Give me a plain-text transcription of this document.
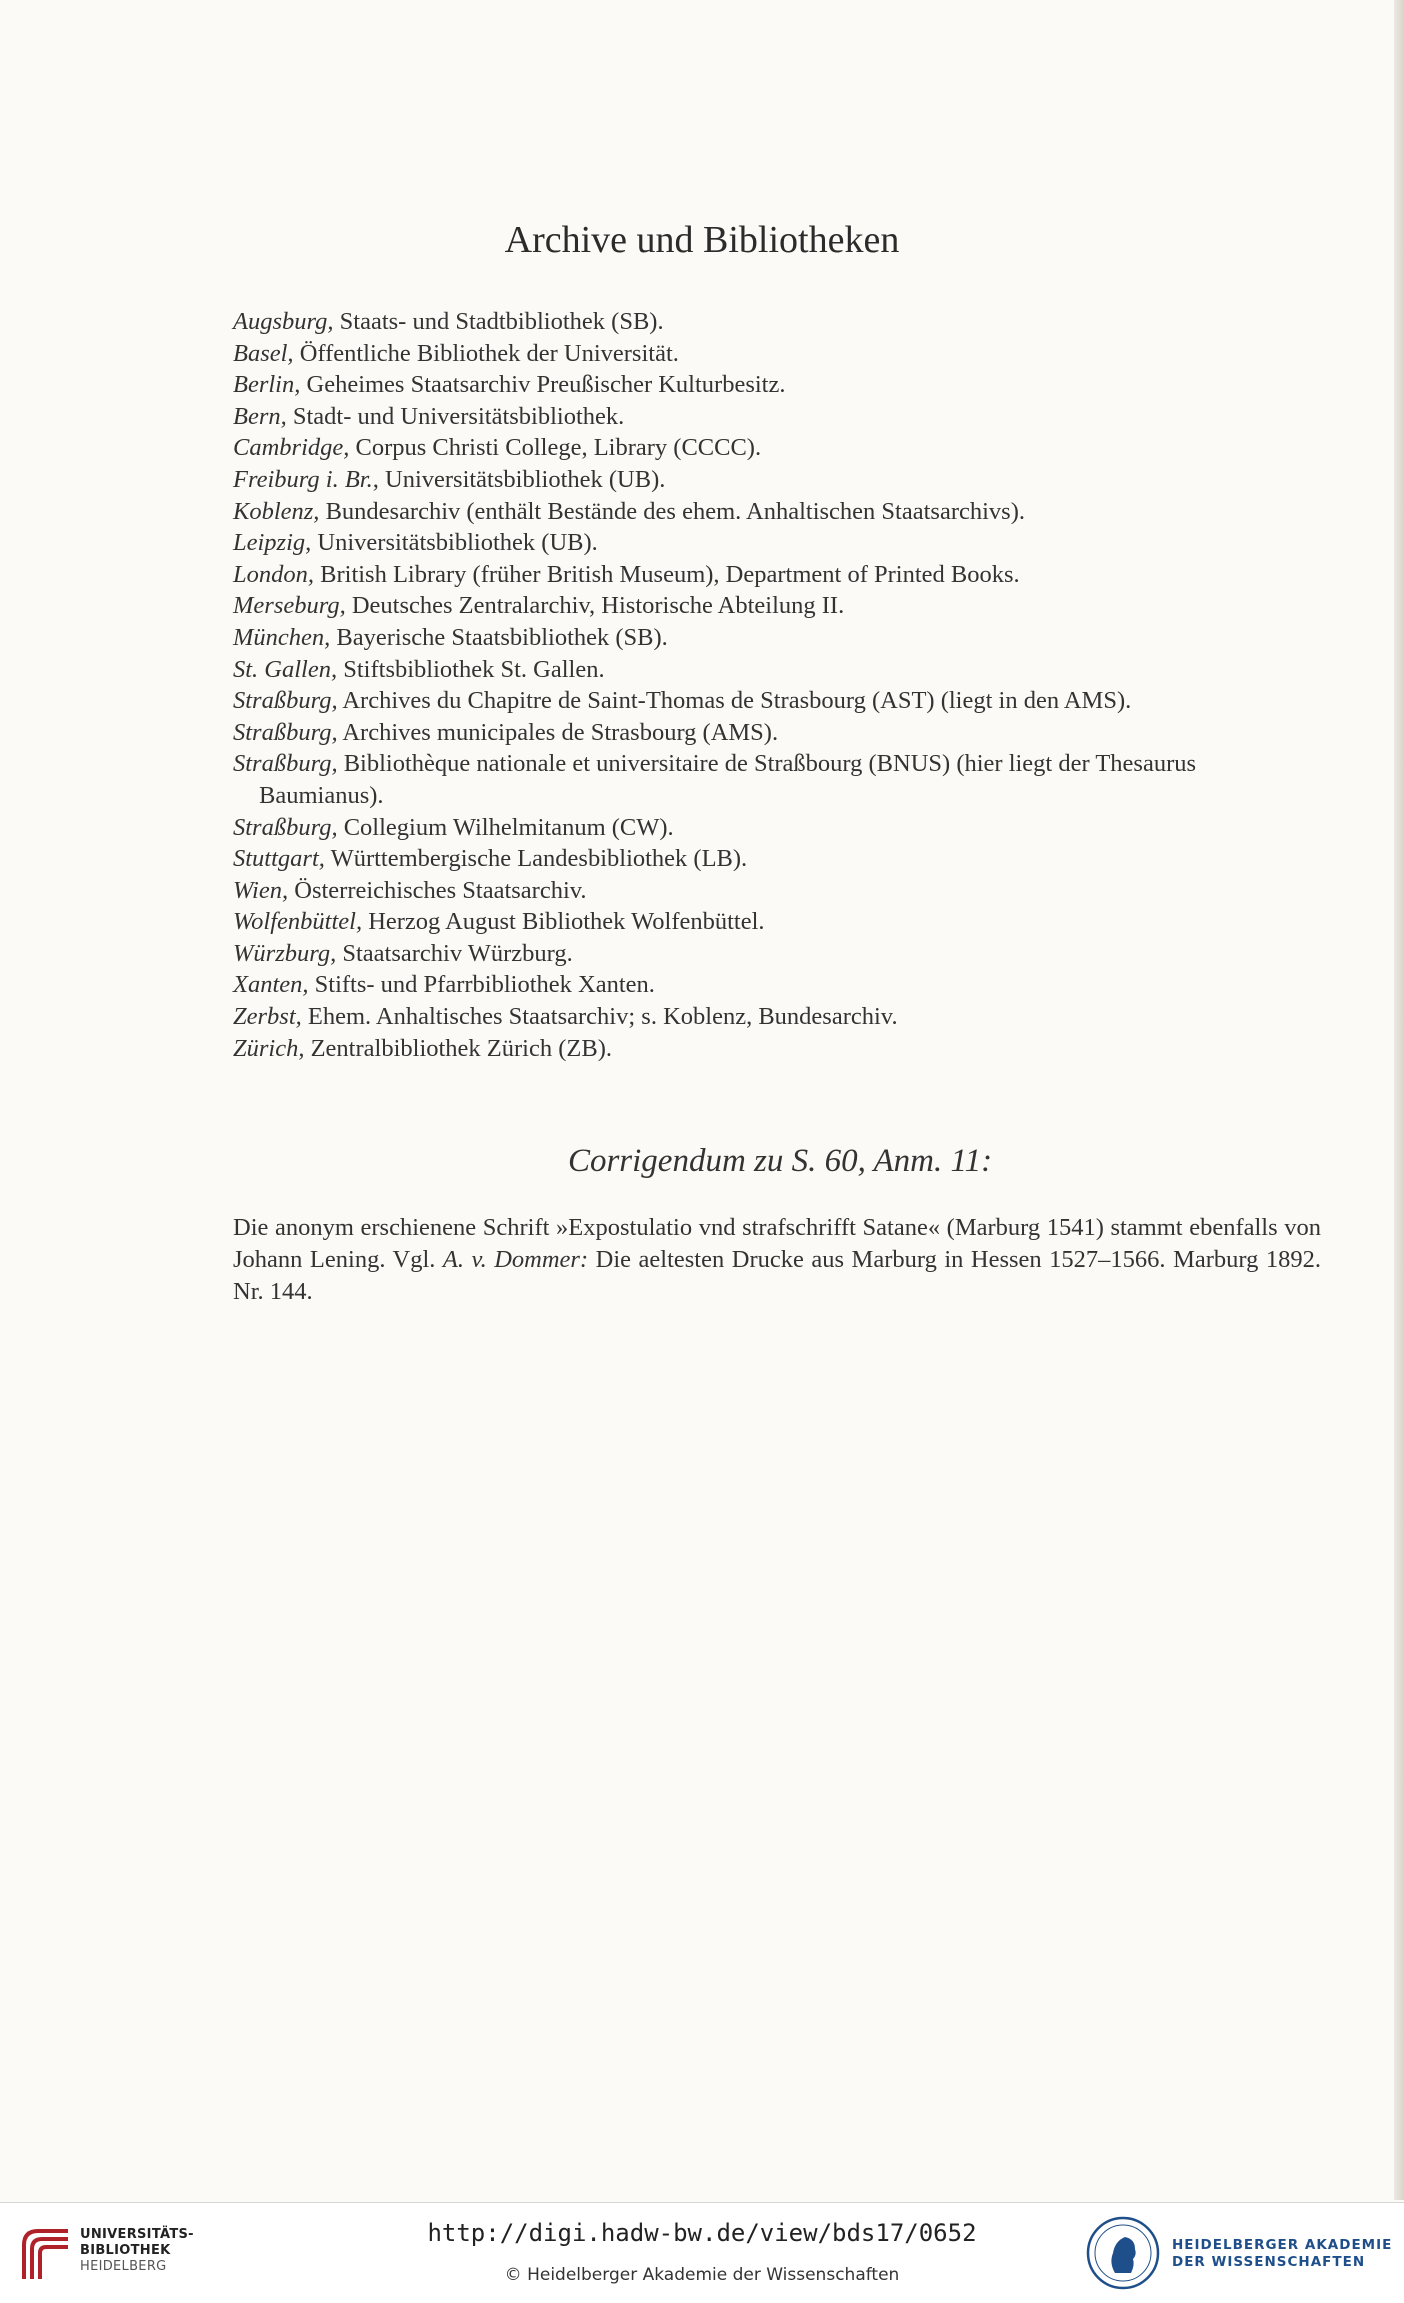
Archive und Bibliotheken
Augsburg, Staats- und Stadtbibliothek (SB).
Basel, Öffentliche Bibliothek der Universität.
Berlin, Geheimes Staatsarchiv Preußischer Kulturbesitz.
Bern, Stadt- und Universitätsbibliothek.
Cambridge, Corpus Christi College, Library (CCCC).
Freiburg i. Br., Universitätsbibliothek (UB).
Koblenz, Bundesarchiv (enthält Bestände des ehem. Anhaltischen Staatsarchivs).
Leipzig, Universitätsbibliothek (UB).
London, British Library (früher British Museum), Department of Printed Books.
Merseburg, Deutsches Zentralarchiv, Historische Abteilung II.
München, Bayerische Staatsbibliothek (SB).
St. Gallen, Stiftsbibliothek St. Gallen.
Straßburg, Archives du Chapitre de Saint-Thomas de Strasbourg (AST) (liegt in den AMS).
Straßburg, Archives municipales de Strasbourg (AMS).
Straßburg, Bibliothèque nationale et universitaire de Straßbourg (BNUS) (hier liegt der Thesaurus Baumianus).
Straßburg, Collegium Wilhelmitanum (CW).
Stuttgart, Württembergische Landesbibliothek (LB).
Wien, Österreichisches Staatsarchiv.
Wolfenbüttel, Herzog August Bibliothek Wolfenbüttel.
Würzburg, Staatsarchiv Würzburg.
Xanten, Stifts- und Pfarrbibliothek Xanten.
Zerbst, Ehem. Anhaltisches Staatsarchiv; s. Koblenz, Bundesarchiv.
Zürich, Zentralbibliothek Zürich (ZB).
Corrigendum zu S. 60, Anm. 11:

Die anonym erschienene Schrift »Expostulatio vnd strafschrifft Satane« (Marburg 1541) stammt ebenfalls von Johann Lening. Vgl. A. v. Dommer: Die aeltesten Drucke aus Marburg in Hessen 1527–1566. Marburg 1892. Nr. 144.

UNIVERSITÄTS-
BIBLIOTHEK
HEIDELBERG
http://digi.hadw-bw.de/view/bds17/0652
© Heidelberger Akademie der Wissenschaften
HEIDELBERGER AKADEMIE
DER WISSENSCHAFTEN
